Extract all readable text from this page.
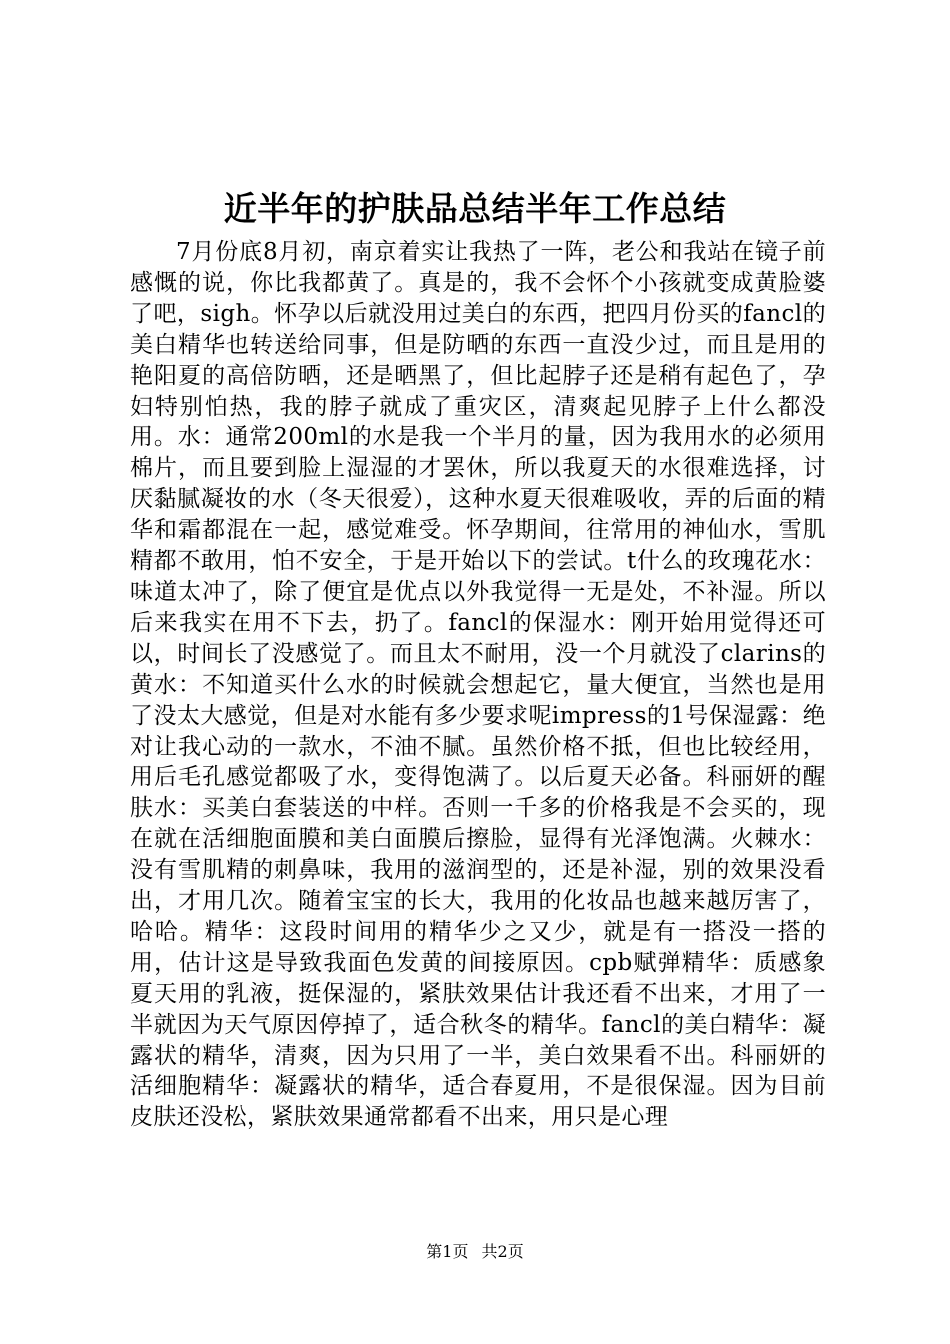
近半年的护肤品总结半年工作总结

7月份底8月初，南京着实让我热了一阵，老公和我站在镜子前感慨的说，你比我都黄了。真是的，我不会怀个小孩就变成黄脸婆了吧，sigh。怀孕以后就没用过美白的东西，把四月份买的fancl的美白精华也转送给同事，但是防晒的东西一直没少过，而且是用的艳阳夏的高倍防晒，还是晒黑了，但比起脖子还是稍有起色了，孕妇特别怕热，我的脖子就成了重灾区，清爽起见脖子上什么都没用。水：通常200ml的水是我一个半月的量，因为我用水的必须用棉片，而且要到脸上湿湿的才罢休，所以我夏天的水很难选择，讨厌黏腻凝妆的水（冬天很爱），这种水夏天很难吸收，弄的后面的精华和霜都混在一起，感觉难受。怀孕期间，往常用的神仙水，雪肌精都不敢用，怕不安全，于是开始以下的尝试。t什么的玫瑰花水：味道太冲了，除了便宜是优点以外我觉得一无是处，不补湿。所以后来我实在用不下去，扔了。fancl的保湿水：刚开始用觉得还可以，时间长了没感觉了。而且太不耐用，没一个月就没了clarins的黄水：不知道买什么水的时候就会想起它，量大便宜，当然也是用了没太大感觉，但是对水能有多少要求呢impress的1号保湿露：绝对让我心动的一款水，不油不腻。虽然价格不抵，但也比较经用，用后毛孔感觉都吸了水，变得饱满了。以后夏天必备。科丽妍的醒肤水：买美白套装送的中样。否则一千多的价格我是不会买的，现在就在活细胞面膜和美白面膜后擦脸，显得有光泽饱满。火棘水：没有雪肌精的刺鼻味，我用的滋润型的，还是补湿，别的效果没看出，才用几次。随着宝宝的长大，我用的化妆品也越来越厉害了，哈哈。精华：这段时间用的精华少之又少，就是有一搭没一搭的用，估计这是导致我面色发黄的间接原因。cpb赋弹精华：质感象夏天用的乳液，挺保湿的，紧肤效果估计我还看不出来，才用了一半就因为天气原因停掉了，适合秋冬的精华。fancl的美白精华：凝露状的精华，清爽，因为只用了一半，美白效果看不出。科丽妍的活细胞精华：凝露状的精华，适合春夏用，不是很保湿。因为目前皮肤还没松，紧肤效果通常都看不出来，用只是心理

第1页 共2页
